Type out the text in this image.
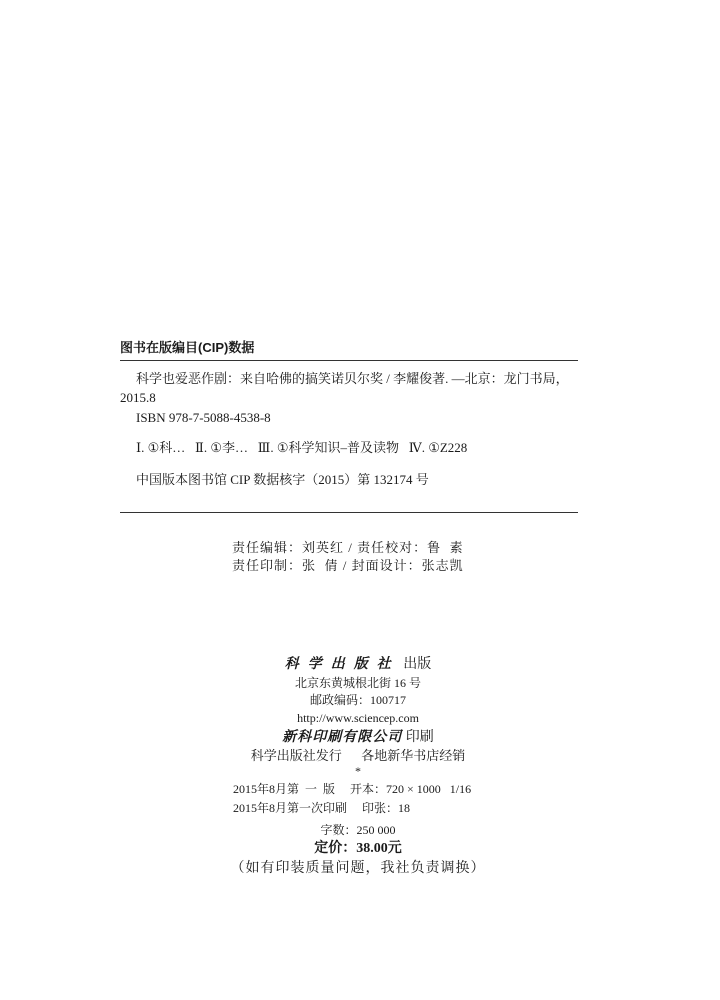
图书在版编目(CIP)数据
科学也爱恶作剧：来自哈佛的搞笑诺贝尔奖 / 李耀俊著. —北京：龙门书局，
2015.8
ISBN 978-7-5088-4538-8
Ⅰ. ①科…   Ⅱ. ①李…   Ⅲ. ①科学知识–普及读物   Ⅳ. ①Z228
中国版本图书馆 CIP 数据核字（2015）第 132174 号
责任编辑：刘英红 / 责任校对：鲁  素
责任印制：张  倩 / 封面设计：张志凯
科学出版社 出版
北京东黄城根北街 16 号
邮政编码：100717
http://www.sciencep.com
新科印刷有限公司 印刷
科学出版社发行      各地新华书店经销
*
2015年8月第  一  版     开本：720 × 1000   1/16
2015年8月第一次印刷     印张：18
字数：250 000
定价：38.00元
（如有印装质量问题，我社负责调换）
